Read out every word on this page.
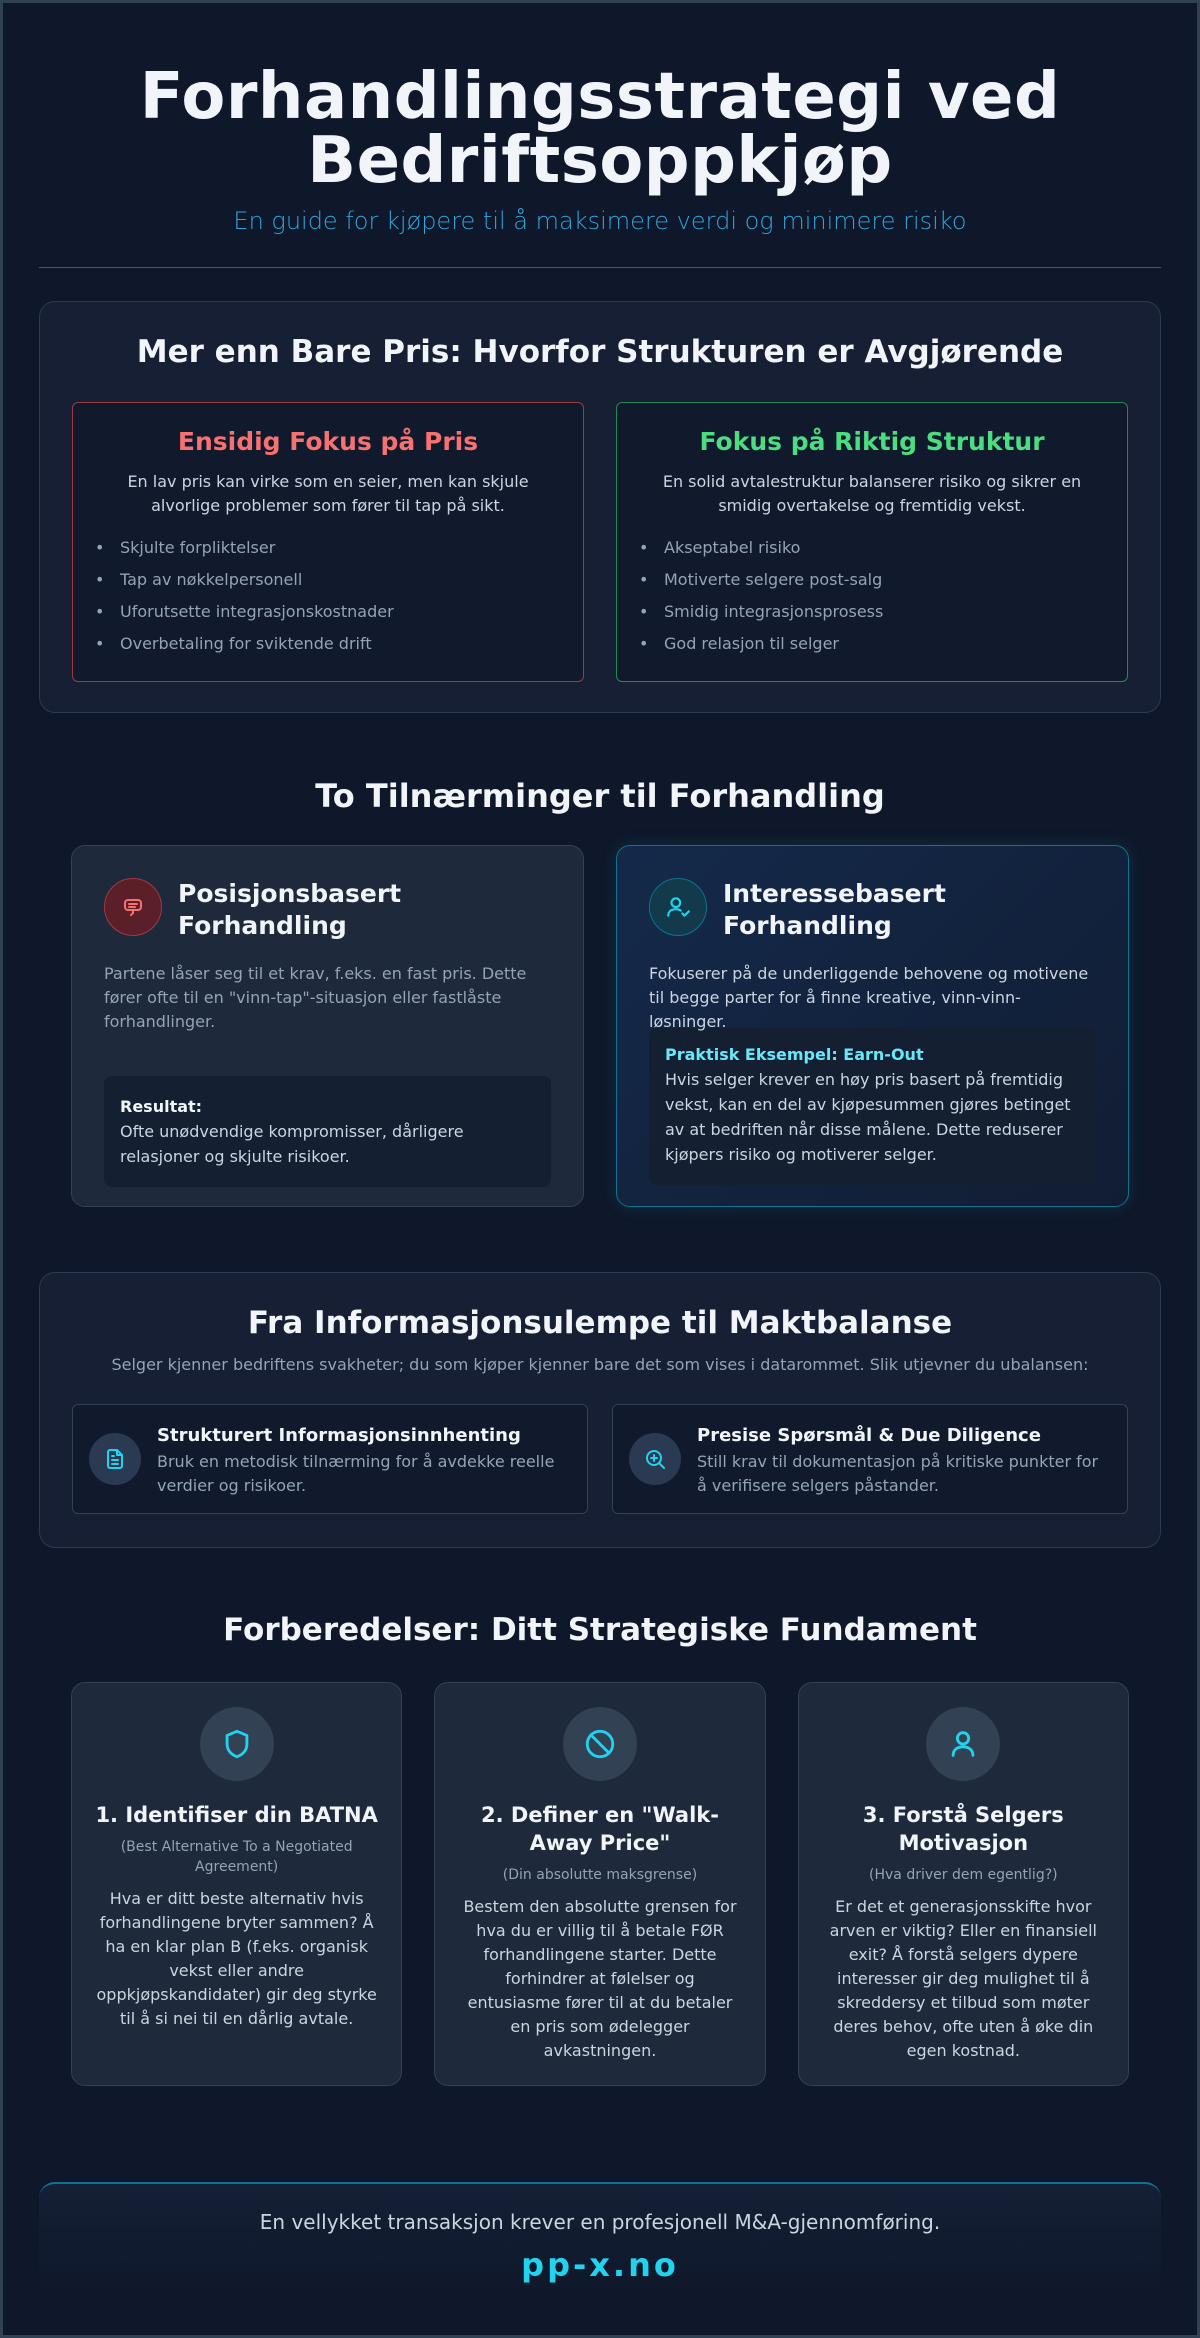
Forhandlingsstrategi ved Bedriftsoppkjøp
En guide for kjøpere til å maksimere verdi og minimere risiko
Mer enn Bare Pris: Hvorfor Strukturen er Avgjørende
Ensidig Fokus på Pris

En lav pris kan virke som en seier, men kan skjule alvorlige problemer som fører til tap på sikt.

• Skjulte forpliktelser
• Tap av nøkkelpersonell
• Uforutsette integrasjonskostnader
• Overbetaling for sviktende drift
Fokus på Riktig Struktur

En solid avtalestruktur balanserer risiko og sikrer en smidig overtakelse og fremtidig vekst.

• Akseptabel risiko
• Motiverte selgere post-salg
• Smidig integrasjonsprosess
• God relasjon til selger
To Tilnærminger til Forhandling
Posisjonsbasert Forhandling

Partene låser seg til et krav, f.eks. en fast pris. Dette fører ofte til en "vinn-tap"-situasjon eller fastlåste forhandlinger.

Resultat:
Ofte unødvendige kompromisser, dårligere relasjoner og skjulte risikoer.
Interessebasert Forhandling

Fokuserer på de underliggende behovene og motivene til begge parter for å finne kreative, vinn-vinn-løsninger.

Praktisk Eksempel: Earn-Out
Hvis selger krever en høy pris basert på fremtidig vekst, kan en del av kjøpesummen gjøres betinget av at bedriften når disse målene. Dette reduserer kjøpers risiko og motiverer selger.
Fra Informasjonsulempe til Maktbalanse

Selger kjenner bedriftens svakheter; du som kjøper kjenner bare det som vises i datarommet. Slik utjevner du ubalansen:

Strukturert Informasjonsinnhenting

Bruk en metodisk tilnærming for å avdekke reelle verdier og risikoer.

Presise Spørsmål & Due Diligence

Still krav til dokumentasjon på kritiske punkter for å verifisere selgers påstander.

Forberedelser: Ditt Strategiske Fundament
1. Identifiser din BATNA
(Best Alternative To a Negotiated Agreement)

Hva er ditt beste alternativ hvis forhandlingene bryter sammen? Å ha en klar plan B (f.eks. organisk vekst eller andre oppkjøpskandidater) gir deg styrke til å si nei til en dårlig avtale.

2. Definer en "Walk-Away Price"
(Din absolutte maksgrense)

Bestem den absolutte grensen for hva du er villig til å betale FØR forhandlingene starter. Dette forhindrer at følelser og entusiasme fører til at du betaler en pris som ødelegger avkastningen.

3. Forstå Selgers Motivasjon
(Hva driver dem egentlig?)

Er det et generasjonsskifte hvor arven er viktig? Eller en finansiell exit? Å forstå selgers dypere interesser gir deg mulighet til å skreddersy et tilbud som møter deres behov, ofte uten å øke din egen kostnad.

En vellykket transaksjon krever en profesjonell M&A-gjennomføring.

pp-x.no
